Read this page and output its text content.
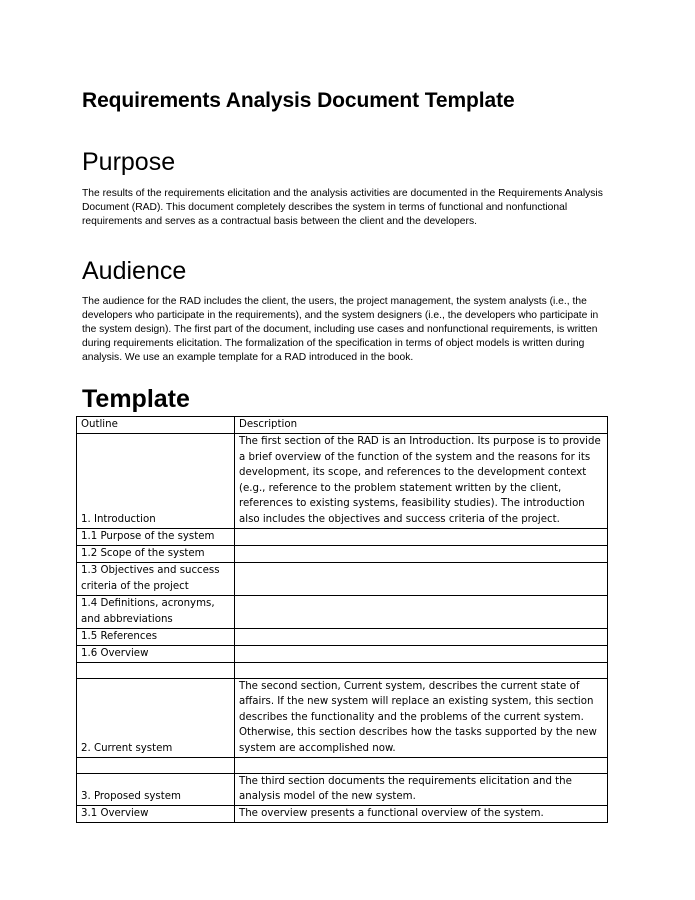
Requirements Analysis Document Template
Purpose

The results of the requirements elicitation and the analysis activities are documented in the Requirements Analysis Document (RAD). This document completely describes the system in terms of functional and nonfunctional requirements and serves as a contractual basis between the client and the developers.

Audience

The audience for the RAD includes the client, the users, the project management, the system analysts (i.e., the developers who participate in the requirements), and the system designers (i.e., the developers who participate in the system design). The first part of the document, including use cases and nonfunctional requirements, is written during requirements elicitation. The formalization of the specification in terms of object models is written during analysis. We use an example template for a RAD introduced in the book.

Template
Outline	Description

1. Introduction	The first section of the RAD is an Introduction. Its purpose is to provide a brief overview of the function of the system and the reasons for its development, its scope, and references to the development context (e.g., reference to the problem statement written by the client, references to existing systems, feasibility studies). The introduction also includes the objectives and success criteria of the project.

1.1 Purpose of the system	

1.2 Scope of the system	

1.3 Objectives and success criteria of the project	

1.4 Definitions, acronyms, and abbreviations	

1.5 References	

1.6 Overview	

2. Current system	The second section, Current system, describes the current state of affairs. If the new system will replace an existing system, this section describes the functionality and the problems of the current system. Otherwise, this section describes how the tasks supported by the new system are accomplished now.

3. Proposed system	The third section documents the requirements elicitation and the analysis model of the new system.

3.1 Overview	The overview presents a functional overview of the system.
